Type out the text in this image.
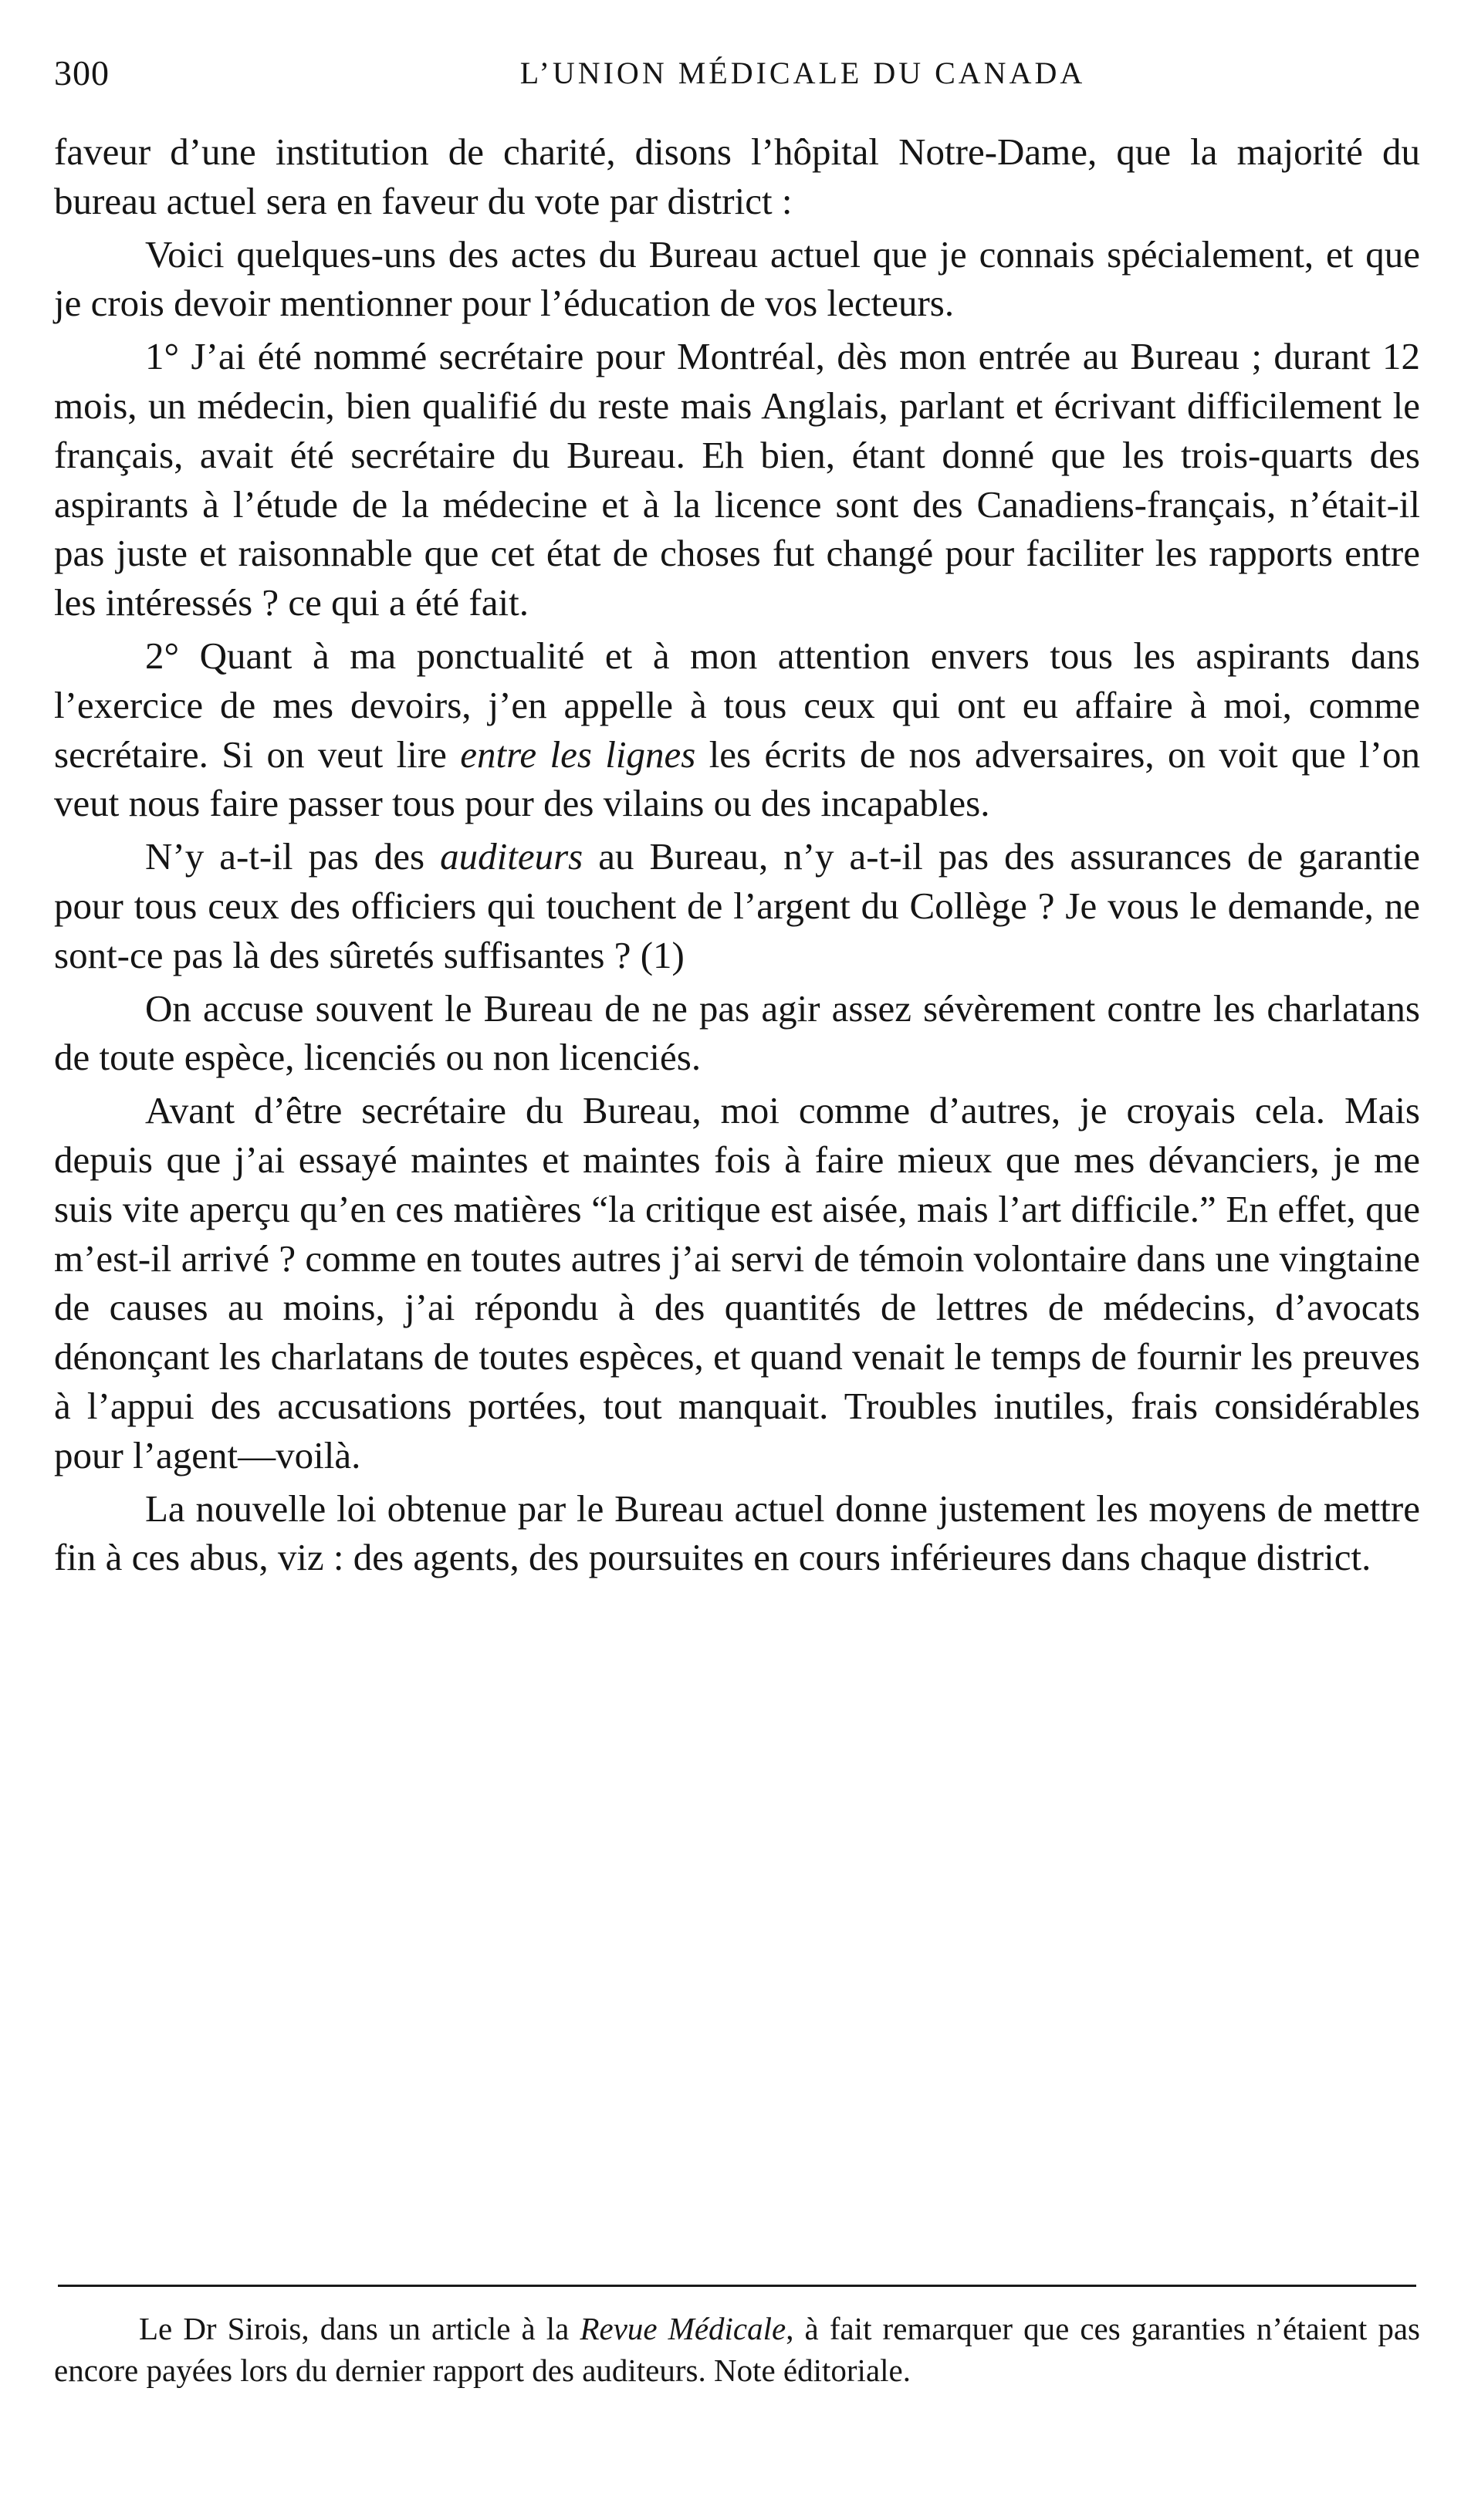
300	L’UNION MÉDICALE DU CANADA

faveur d’une institution de charité, disons l’hôpital Notre-Dame, que la majorité du bureau actuel sera en faveur du vote par district :

Voici quelques-uns des actes du Bureau actuel que je connais spécialement, et que je crois devoir mentionner pour l’éducation de vos lecteurs.

1° J’ai été nommé secrétaire pour Montréal, dès mon entrée au Bureau ; durant 12 mois, un médecin, bien qualifié du reste mais Anglais, parlant et écrivant difficilement le français, avait été secrétaire du Bureau. Eh bien, étant donné que les trois-quarts des aspirants à l’étude de la médecine et à la licence sont des Canadiens-français, n’était-il pas juste et raisonnable que cet état de choses fut changé pour faciliter les rapports entre les intéressés ? ce qui a été fait.

2° Quant à ma ponctualité et à mon attention envers tous les aspirants dans l’exercice de mes devoirs, j’en appelle à tous ceux qui ont eu affaire à moi, comme secrétaire. Si on veut lire entre les lignes les écrits de nos adversaires, on voit que l’on veut nous faire passer tous pour des vilains ou des incapables.

N’y a-t-il pas des auditeurs au Bureau, n’y a-t-il pas des assurances de garantie pour tous ceux des officiers qui touchent de l’argent du Collège ? Je vous le demande, ne sont-ce pas là des sûretés suffisantes ? (1)

On accuse souvent le Bureau de ne pas agir assez sévèrement contre les charlatans de toute espèce, licenciés ou non licenciés.

Avant d’être secrétaire du Bureau, moi comme d’autres, je croyais cela. Mais depuis que j’ai essayé maintes et maintes fois à faire mieux que mes dévanciers, je me suis vite aperçu qu’en ces matières “la critique est aisée, mais l’art difficile.” En effet, que m’est-il arrivé ? comme en toutes autres j’ai servi de témoin volontaire dans une vingtaine de causes au moins, j’ai répondu à des quantités de lettres de médecins, d’avocats dénonçant les charlatans de toutes espèces, et quand venait le temps de fournir les preuves à l’appui des accusations portées, tout manquait. Troubles inutiles, frais considérables pour l’agent—voilà.

La nouvelle loi obtenue par le Bureau actuel donne justement les moyens de mettre fin à ces abus, viz : des agents, des poursuites en cours inférieures dans chaque district.

Le Dr Sirois, dans un article à la Revue Médicale, à fait remarquer que ces garanties n’étaient pas encore payées lors du dernier rapport des auditeurs. Note éditoriale.
